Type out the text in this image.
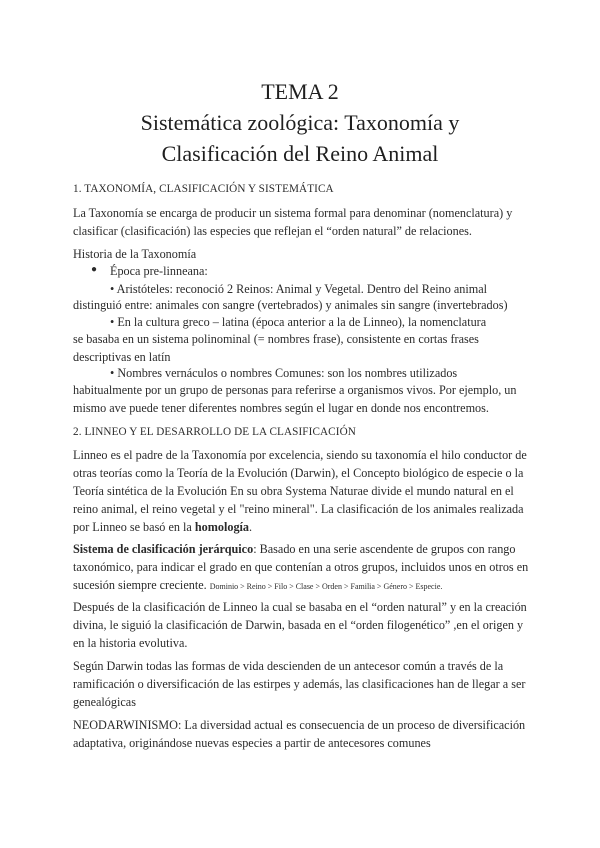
TEMA 2
Sistemática zoológica: Taxonomía y
Clasificación del Reino Animal

1. TAXONOMÍA, CLASIFICACIÓN Y SISTEMÁTICA

La Taxonomía se encarga de producir un sistema formal para denominar (nomenclatura) y clasificar (clasificación) las especies que reflejan el “orden natural” de relaciones.

Historia de la Taxonomía

● Época pre-linneana:

• Aristóteles: reconoció 2 Reinos: Animal y Vegetal. Dentro del Reino animal

distinguió entre: animales con sangre (vertebrados) y animales sin sangre (invertebrados)

• En la cultura greco – latina (época anterior a la de Linneo), la nomenclatura

se basaba en un sistema polinominal (= nombres frase), consistente en cortas frases descriptivas en latín

• Nombres vernáculos o nombres Comunes: son los nombres utilizados

habitualmente por un grupo de personas para referirse a organismos vivos. Por ejemplo, un mismo ave puede tener diferentes nombres según el lugar en donde nos encontremos.

2. LINNEO Y EL DESARROLLO DE LA CLASIFICACIÓN

Linneo es el padre de la Taxonomía por excelencia, siendo su taxonomía el hilo conductor de otras teorías como la Teoría de la Evolución (Darwin), el Concepto biológico de especie o la Teoría sintética de la Evolución En su obra Systema Naturae divide el mundo natural en el reino animal, el reino vegetal y el "reino mineral". La clasificación de los animales realizada por Linneo se basó en la homología.

Sistema de clasificación jerárquico: Basado en una serie ascendente de grupos con rango taxonómico, para indicar el grado en que contenían a otros grupos, incluidos unos en otros en sucesión siempre creciente. Dominio > Reino > Filo > Clase > Orden > Familia > Género > Especie.

Después de la clasificación de Linneo la cual se basaba en el “orden natural” y en la creación divina, le siguió la clasificación de Darwin, basada en el “orden filogenético” ,en el origen y en la historia evolutiva.

Según Darwin todas las formas de vida descienden de un antecesor común a través de la ramificación o diversificación de las estirpes y además, las clasificaciones han de llegar a ser genealógicas

NEODARWINISMO: La diversidad actual es consecuencia de un proceso de diversificación adaptativa, originándose nuevas especies a partir de antecesores comunes
